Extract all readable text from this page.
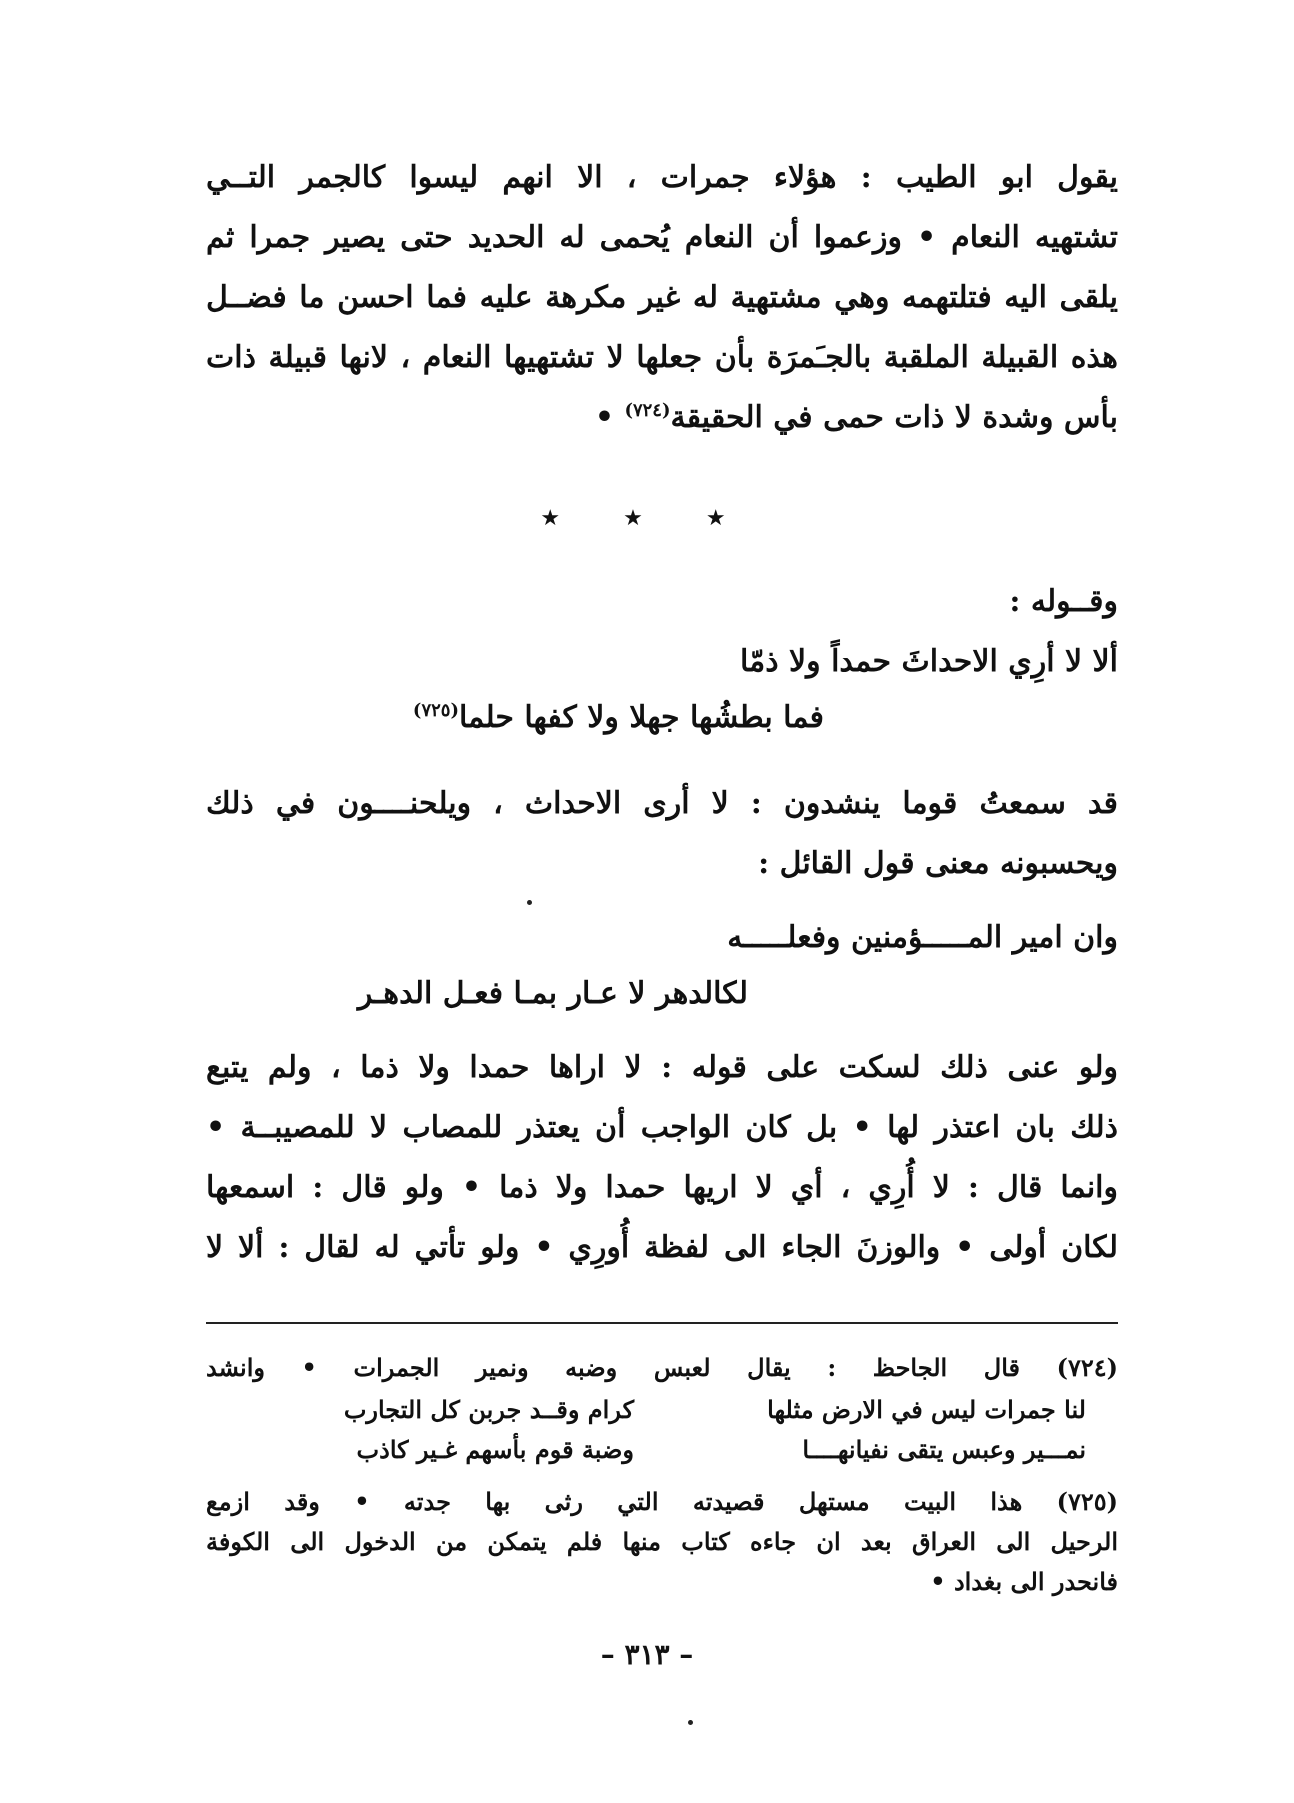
يقول ابو الطيب : هؤلاء جمرات ، الا انهم ليسوا كالجمر التــي
تشتهيه النعام • وزعموا أن النعام يُحمى له الحديد حتى يصير جمرا ثم
يلقى اليه فتلتهمه وهي مشتهية له غير مكرهة عليه فما احسن ما فضــل
هذه القبيلة الملقبة بالجـَمرَة بأن جعلها لا تشتهيها النعام ، لانها قبيلة ذات
بأس وشدة لا ذات حمى في الحقيقة$^{(٧٢٤)}$ •
★ ★ ★
وقــوله :
ألا لا أرِي الاحداثَ حمداً ولا ذمّا
فما بطشُها جهلا ولا كفها حلما$^{(٧٢٥)}$
قد سمعتُ قوما ينشدون : لا أرى الاحداث ، ويلحنــــون في ذلك
ويحسبونه معنى قول القائل :
وان امير المـــــؤمنين وفعلـــــه
لكالدهر لا عـار بمـا فعـل الدهـر
ولو عنى ذلك لسكت على قوله : لا اراها حمدا ولا ذما ، ولم يتبع
ذلك بان اعتذر لها • بل كان الواجب أن يعتذر للمصاب لا للمصيبــة •
وانما قال : لا أُرِي ، أي لا اريها حمدا ولا ذما • ولو قال : اسمعها
لكان أولى • والوزنَ الجاء الى لفظة أُورِي • ولو تأتي له لقال : ألا لا
(٧٢٤) قال الجاحظ : يقال لعبس وضبه ونمير الجمرات • وانشد
لنا جمرات ليس في الارض مثلها
كرام وقــد جربن كل التجارب
نمـــير وعبس يتقى نفيانهــــا
وضبة قوم بأسهم غـير كاذب
(٧٢٥) هذا البيت مستهل قصيدته التي رثى بها جدته • وقد ازمع
الرحيل الى العراق بعد ان جاءه كتاب منها فلم يتمكن من الدخول الى الكوفة
فانحدر الى بغداد •
– ٣١٣ –
